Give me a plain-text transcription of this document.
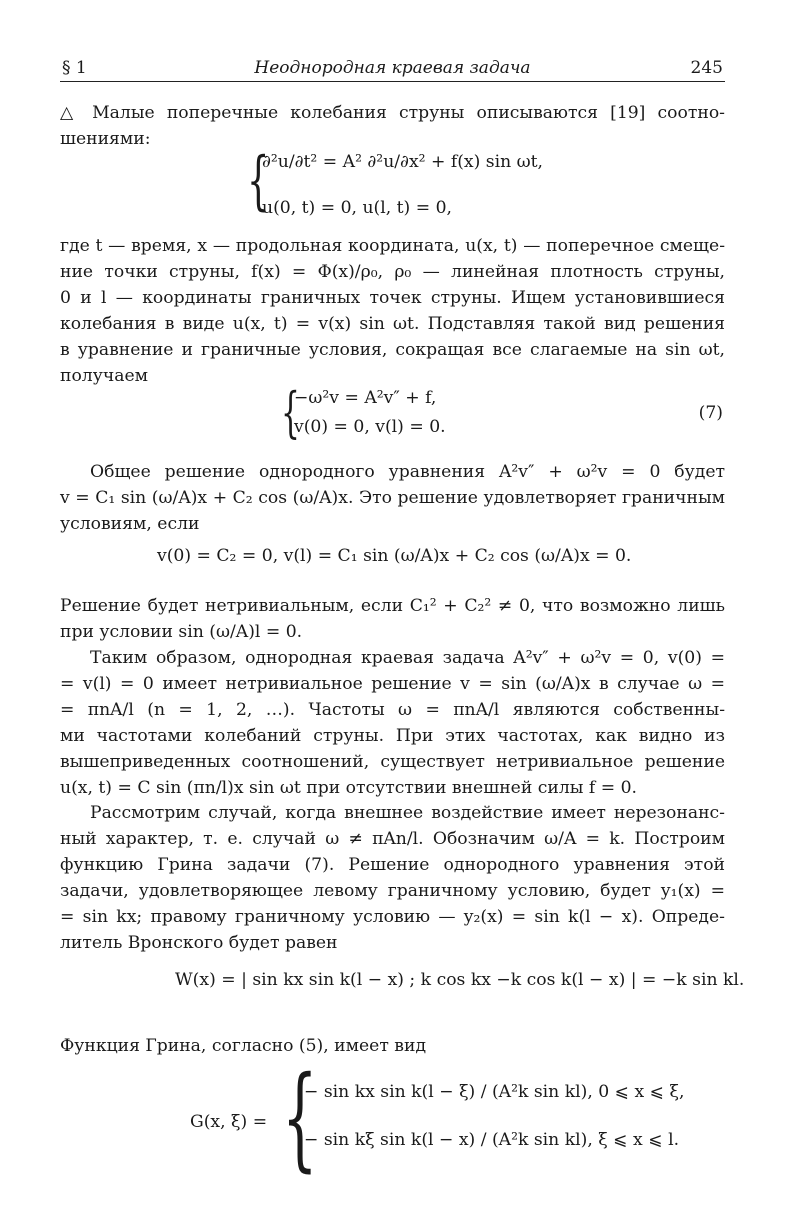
§ 1	Неоднородная краевая задача	245
△ Малые поперечные колебания струны описываются [19] соотно-
шениями:
{
∂²u/∂t² = A² ∂²u/∂x² + f(x) sin ωt,
u(0, t) = 0, u(l, t) = 0,
где t — время, x — продольная координата, u(x, t) — поперечное смеще-
ние точки струны, f(x) = Φ(x)/ρ₀, ρ₀ — линейная плотность струны,
0 и l — координаты граничных точек струны. Ищем установившиеся
колебания в виде u(x, t) = v(x) sin ωt. Подставляя такой вид решения
в уравнение и граничные условия, сокращая все слагаемые на sin ωt,
получаем
{
−ω²v = A²v″ + f,
v(0) = 0, v(l) = 0.
(7)
Общее решение однородного уравнения A²v″ + ω²v = 0 будет
v = C₁ sin (ω/A)x + C₂ cos (ω/A)x. Это решение удовлетворяет граничным
условиям, если
v(0) = C₂ = 0, v(l) = C₁ sin (ω/A)x + C₂ cos (ω/A)x = 0.
Решение будет нетривиальным, если C₁² + C₂² ≠ 0, что возможно лишь
при условии sin (ω/A)l = 0.
Таким образом, однородная краевая задача A²v″ + ω²v = 0, v(0) =
= v(l) = 0 имеет нетривиальное решение v = sin (ω/A)x в случае ω =
= πnA/l (n = 1, 2, …). Частоты ω = πnA/l являются собственны-
ми частотами колебаний струны. При этих частотах, как видно из
вышеприведенных соотношений, существует нетривиальное решение
u(x, t) = C sin (πn/l)x sin ωt при отсутствии внешней силы f = 0.
Рассмотрим случай, когда внешнее воздействие имеет нерезонанс-
ный характер, т. е. случай ω ≠ πAn/l. Обозначим ω/A = k. Построим
функцию Грина задачи (7). Решение однородного уравнения этой
задачи, удовлетворяющее левому граничному условию, будет y₁(x) =
= sin kx; правому граничному условию — y₂(x) = sin k(l − x). Опреде-
литель Вронского будет равен
W(x) = | sin kx sin k(l − x) ; k cos kx −k cos k(l − x) | = −k sin kl.
Функция Грина, согласно (5), имеет вид
G(x, ξ) = {
− sin kx sin k(l − ξ) / (A²k sin kl), 0 ⩽ x ⩽ ξ,
− sin kξ sin k(l − x) / (A²k sin kl), ξ ⩽ x ⩽ l.
